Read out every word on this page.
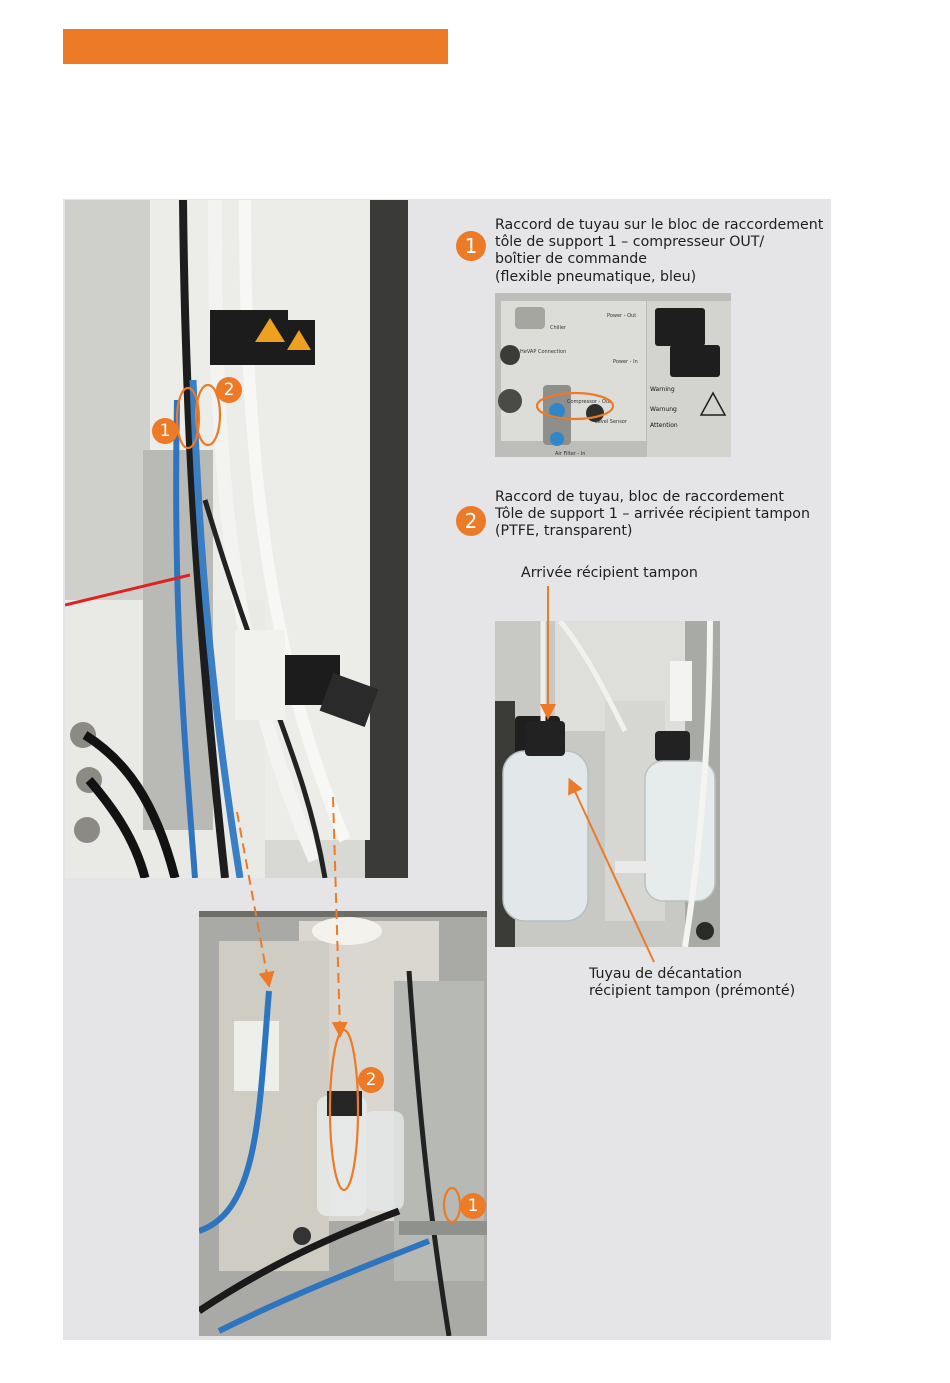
Chiller
HeVAP Connection
Power - Out
Power - In
Compressor - Out
Level Sensor
Air Filter - In
Warning
Warnung
Attention
1
2
2
1
1
Raccord de tuyau sur le bloc de raccordement
tôle de support 1 – compresseur OUT/
boîtier de commande
(flexible pneumatique, bleu)
2
Raccord de tuyau, bloc de raccordement
Tôle de support 1 – arrivée récipient tampon
(PTFE, transparent)
Arrivée récipient tampon
Tuyau de décantation
récipient tampon (prémonté)
